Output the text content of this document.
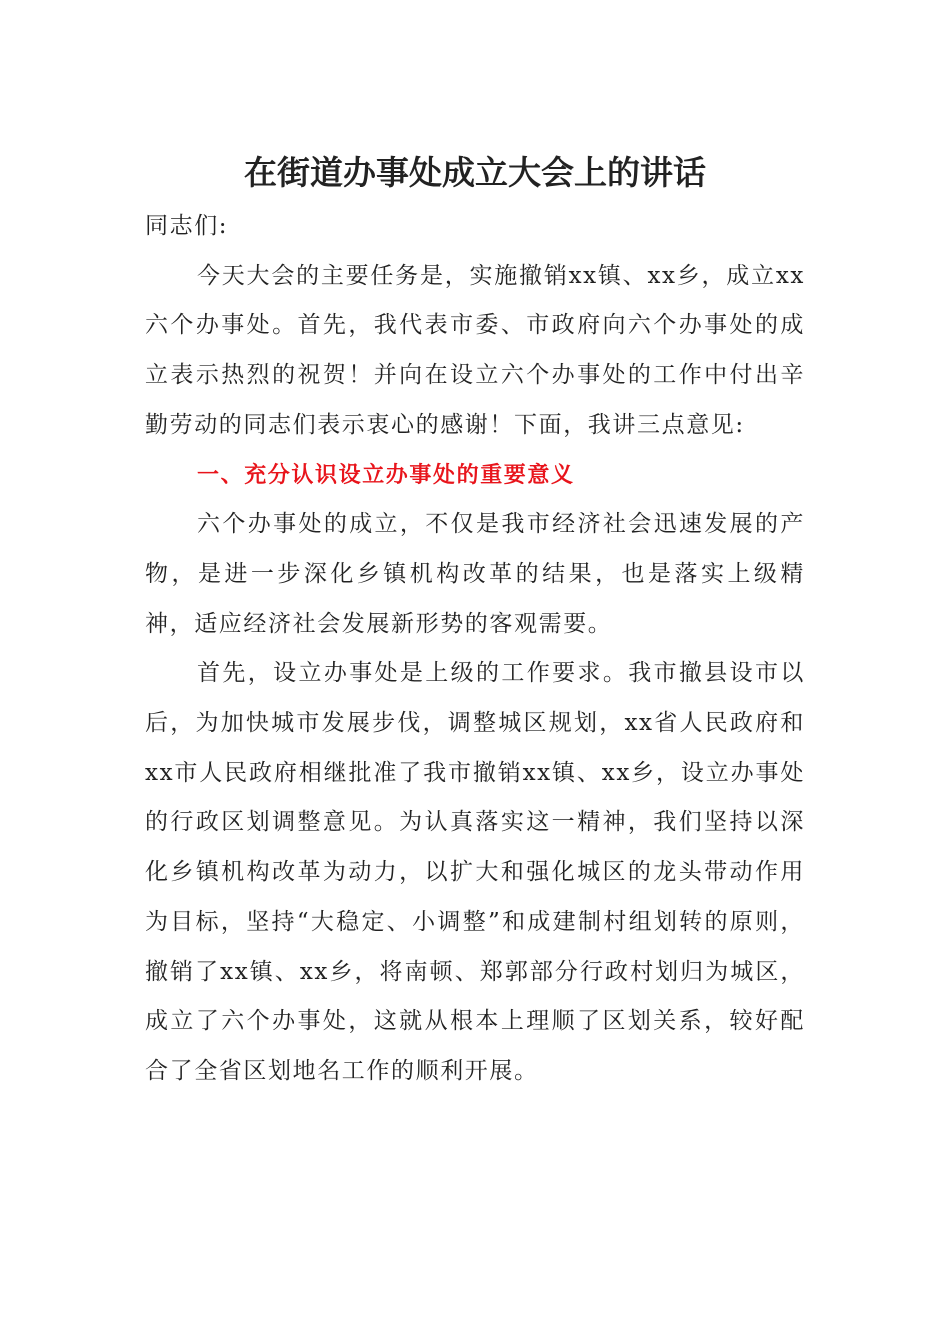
在街道办事处成立大会上的讲话

同志们:

今天大会的主要任务是，实施撤销xx镇、xx乡，成立xx六个办事处。首先，我代表市委、市政府向六个办事处的成立表示热烈的祝贺！并向在设立六个办事处的工作中付出辛勤劳动的同志们表示衷心的感谢！下面，我讲三点意见:

一、充分认识设立办事处的重要意义

六个办事处的成立，不仅是我市经济社会迅速发展的产物，是进一步深化乡镇机构改革的结果，也是落实上级精神，适应经济社会发展新形势的客观需要。

首先，设立办事处是上级的工作要求。我市撤县设市以后，为加快城市发展步伐，调整城区规划，xx省人民政府和xx市人民政府相继批准了我市撤销xx镇、xx乡，设立办事处的行政区划调整意见。为认真落实这一精神，我们坚持以深化乡镇机构改革为动力，以扩大和强化城区的龙头带动作用为目标，坚持“大稳定、小调整”和成建制村组划转的原则，撤销了xx镇、xx乡，将南顿、郑郭部分行政村划归为城区，成立了六个办事处，这就从根本上理顺了区划关系，较好配合了全省区划地名工作的顺利开展。
